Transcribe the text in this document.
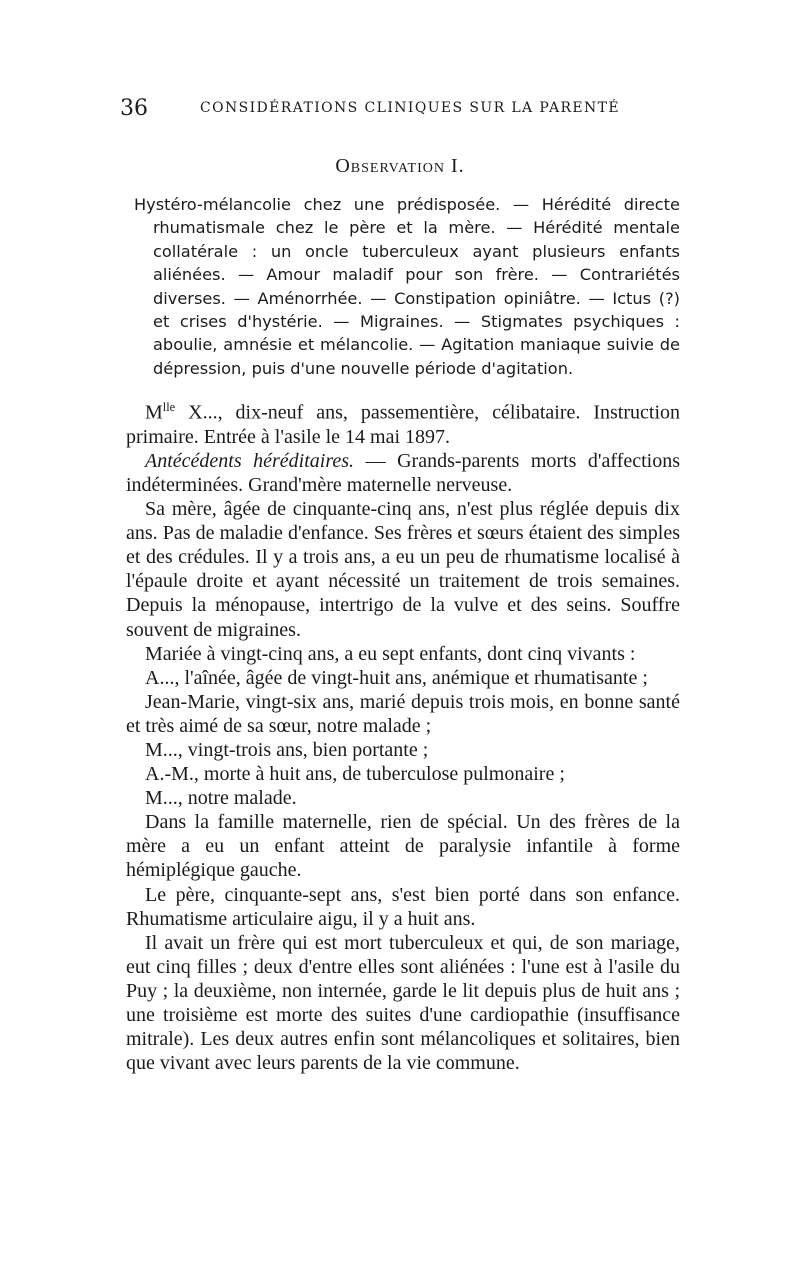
36	CONSIDÉRATIONS CLINIQUES SUR LA PARENTÉ
Observation I.

Hystéro-mélancolie chez une prédisposée. — Hérédité directe rhumatismale chez le père et la mère. — Hérédité mentale collatérale : un oncle tuberculeux ayant plusieurs enfants aliénées. — Amour maladif pour son frère. — Contrariétés diverses. — Aménorrhée. — Constipation opiniâtre. — Ictus (?) et crises d'hystérie. — Migraines. — Stigmates psychiques : aboulie, amnésie et mélancolie. — Agitation maniaque suivie de dépression, puis d'une nouvelle période d'agitation.

$M^{lle}$ X..., dix-neuf ans, passementière, célibataire. Instruction primaire. Entrée à l'asile le 14 mai 1897.

Antécédents héréditaires. — Grands-parents morts d'affections indéterminées. Grand'mère maternelle nerveuse.

Sa mère, âgée de cinquante-cinq ans, n'est plus réglée depuis dix ans. Pas de maladie d'enfance. Ses frères et sœurs étaient des simples et des crédules. Il y a trois ans, a eu un peu de rhumatisme localisé à l'épaule droite et ayant nécessité un traitement de trois semaines. Depuis la ménopause, intertrigo de la vulve et des seins. Souffre souvent de migraines.

Mariée à vingt-cinq ans, a eu sept enfants, dont cinq vivants :

A..., l'aînée, âgée de vingt-huit ans, anémique et rhumatisante ;

Jean-Marie, vingt-six ans, marié depuis trois mois, en bonne santé et très aimé de sa sœur, notre malade ;

M..., vingt-trois ans, bien portante ;

A.-M., morte à huit ans, de tuberculose pulmonaire ;

M..., notre malade.

Dans la famille maternelle, rien de spécial. Un des frères de la mère a eu un enfant atteint de paralysie infantile à forme hémiplégique gauche.

Le père, cinquante-sept ans, s'est bien porté dans son enfance. Rhumatisme articulaire aigu, il y a huit ans.

Il avait un frère qui est mort tuberculeux et qui, de son mariage, eut cinq filles ; deux d'entre elles sont aliénées : l'une est à l'asile du Puy ; la deuxième, non internée, garde le lit depuis plus de huit ans ; une troisième est morte des suites d'une cardiopathie (insuffisance mitrale). Les deux autres enfin sont mélancoliques et solitaires, bien que vivant avec leurs parents de la vie commune.
